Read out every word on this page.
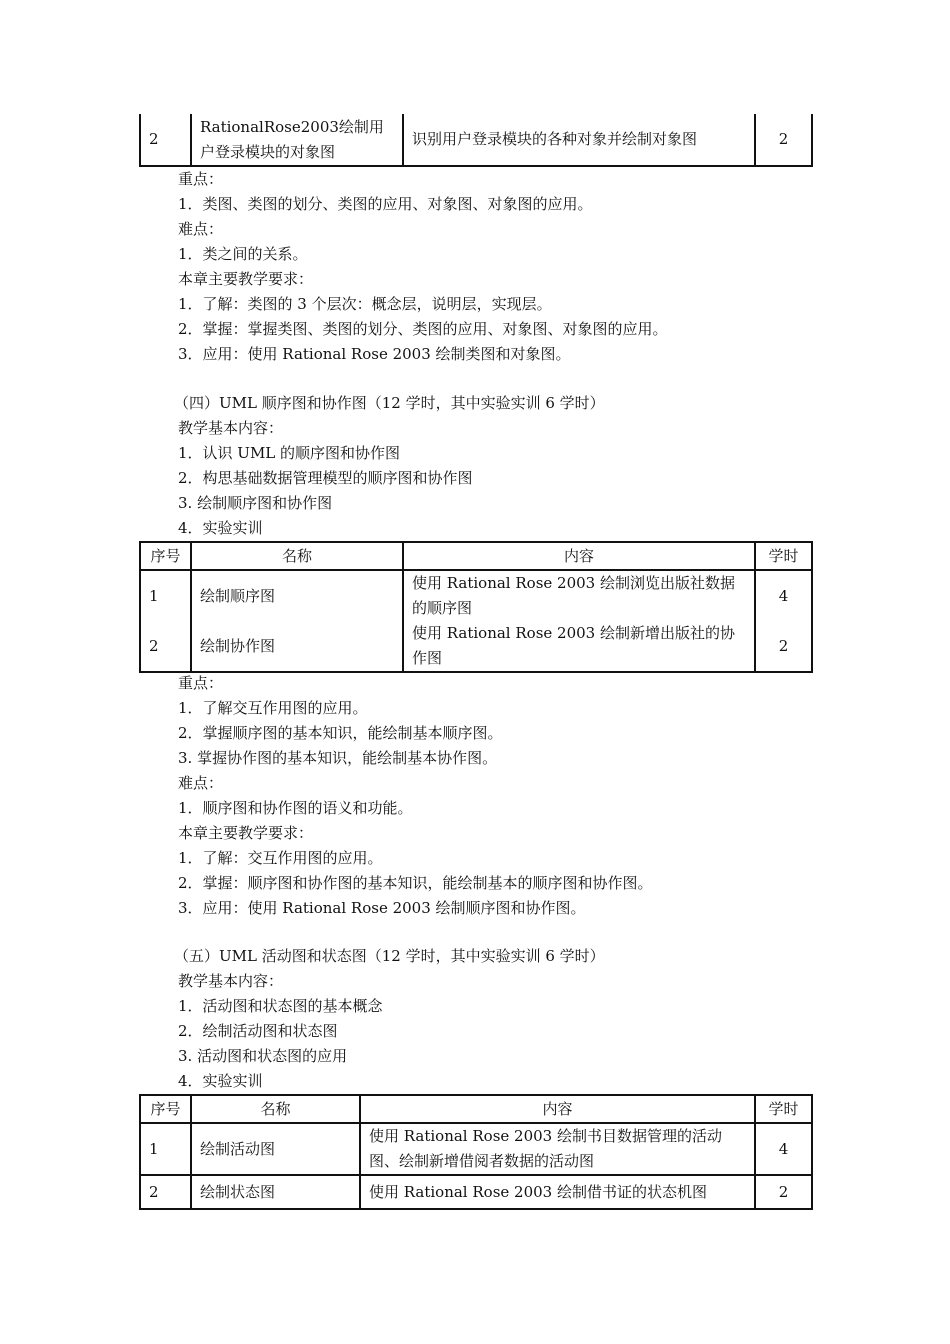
2	RationalRose2003绘制用户登录模块的对象图	识别用户登录模块的各种对象并绘制对象图	2
重点：
1．类图、类图的划分、类图的应用、对象图、对象图的应用。
难点：
1．类之间的关系。
本章主要教学要求：
1．了解：类图的 3 个层次：概念层，说明层，实现层。
2．掌握：掌握类图、类图的划分、类图的应用、对象图、对象图的应用。
3．应用：使用 Rational Rose 2003 绘制类图和对象图。
（四）UML 顺序图和协作图（12 学时，其中实验实训 6 学时）
教学基本内容：
1．认识 UML 的顺序图和协作图
2．构思基础数据管理模型的顺序图和协作图
3. 绘制顺序图和协作图
4．实验实训
序号	名称	内容	学时
1	绘制顺序图	使用 Rational Rose 2003 绘制浏览出版社数据的顺序图	4
2	绘制协作图	使用 Rational Rose 2003 绘制新增出版社的协作图	2
重点：
1．了解交互作用图的应用。
2．掌握顺序图的基本知识，能绘制基本顺序图。
3. 掌握协作图的基本知识，能绘制基本协作图。
难点：
1．顺序图和协作图的语义和功能。
本章主要教学要求：
1．了解：交互作用图的应用。
2．掌握：顺序图和协作图的基本知识，能绘制基本的顺序图和协作图。
3．应用：使用 Rational Rose 2003 绘制顺序图和协作图。
（五）UML 活动图和状态图（12 学时，其中实验实训 6 学时）
教学基本内容：
1．活动图和状态图的基本概念
2．绘制活动图和状态图
3. 活动图和状态图的应用
4．实验实训
序号	名称	内容	学时
1	绘制活动图	使用 Rational Rose 2003 绘制书目数据管理的活动图、绘制新增借阅者数据的活动图	4
2	绘制状态图	使用 Rational Rose 2003 绘制借书证的状态机图	2
